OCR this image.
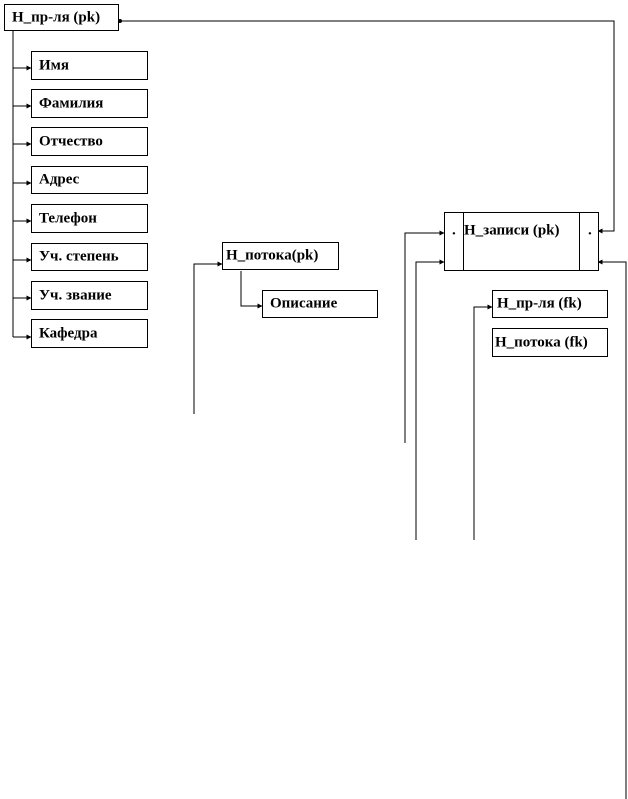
Н_пр-ля (pk)
Имя
Фамилия
Отчество
Адрес
Телефон
Уч. степень
Уч. звание
Кафедра
Н_потока(pk)
Описание
. Н_записи (pk) .
Н_пр-ля (fk)
Н_потока (fk)
